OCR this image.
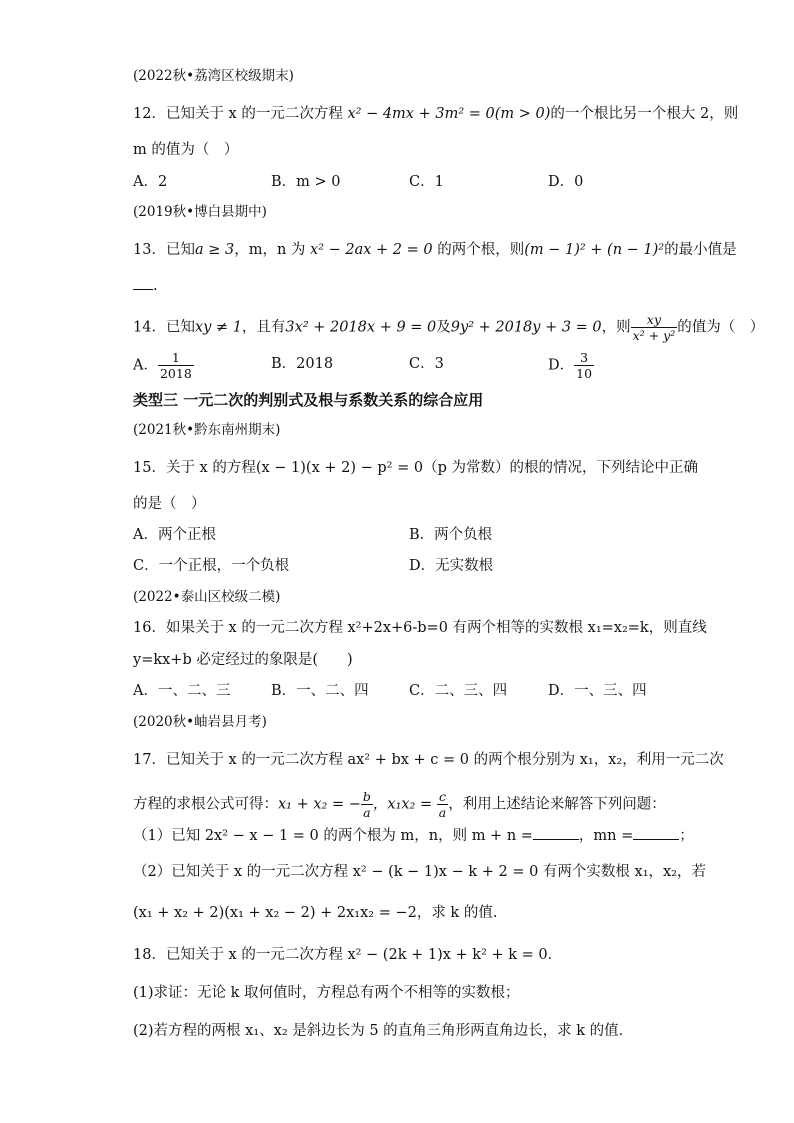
(2022秋•荔湾区校级期末)
12．已知关于 x 的一元二次方程 x² − 4mx + 3m² = 0(m > 0)的一个根比另一个根大 2，则
m 的值为（　）
A．2	B．m > 0	C．1	D．0
(2019秋•博白县期中)
13．已知a ≥ 3，m，n 为 x² − 2ax + 2 = 0 的两个根，则(m − 1)² + (n − 1)²的最小值是
.
14．已知xy ≠ 1，且有3x² + 2018x + 9 = 0及9y² + 2018y + 3 = 0，则 $\frac{xy}{\text{x² + y²}}$ 的值为（　）
A． $\frac{1}{2018}$	B．2018	C．3	D． $\frac{3}{10}$
类型三 一元二次的判别式及根与系数关系的综合应用
(2021秋•黔东南州期末)
15．关于 x 的方程(x − 1)(x + 2) − p² = 0（p 为常数）的根的情况，下列结论中正确
的是（　）
A．两个正根	B．两个负根
C．一个正根，一个负根	D．无实数根
(2022•泰山区校级二模)
16．如果关于 x 的一元二次方程 x²+2x+6-b=0 有两个相等的实数根 x₁=x₂=k，则直线
y=kx+b 必定经过的象限是(　　)
A．一、二、三	B．一、二、四	C．二、三、四	D．一、三、四
(2020秋•岫岩县月考)
17．已知关于 x 的一元二次方程 ax² + bx + c = 0 的两个根分别为 x₁，x₂，利用一元二次
方程的求根公式可得：x₁ + x₂ = − $\frac{b}{a}$ ，$x_1x_2 = \frac{c}{a}$ ，利用上述结论来解答下列问题：
（1）已知 2x² − x − 1 = 0 的两个根为 m，n，则 m + n =	，mn =	；
（2）已知关于 x 的一元二次方程 x² − (k − 1)x − k + 2 = 0 有两个实数根 x₁，x₂，若
(x₁ + x₂ + 2)(x₁ + x₂ − 2) + 2x₁x₂ = −2，求 k 的值.
18．已知关于 x 的一元二次方程 x² − (2k + 1)x + k² + k = 0．
(1)求证：无论 k 取何值时，方程总有两个不相等的实数根；
(2)若方程的两根 x₁、x₂ 是斜边长为 5 的直角三角形两直角边长，求 k 的值．
